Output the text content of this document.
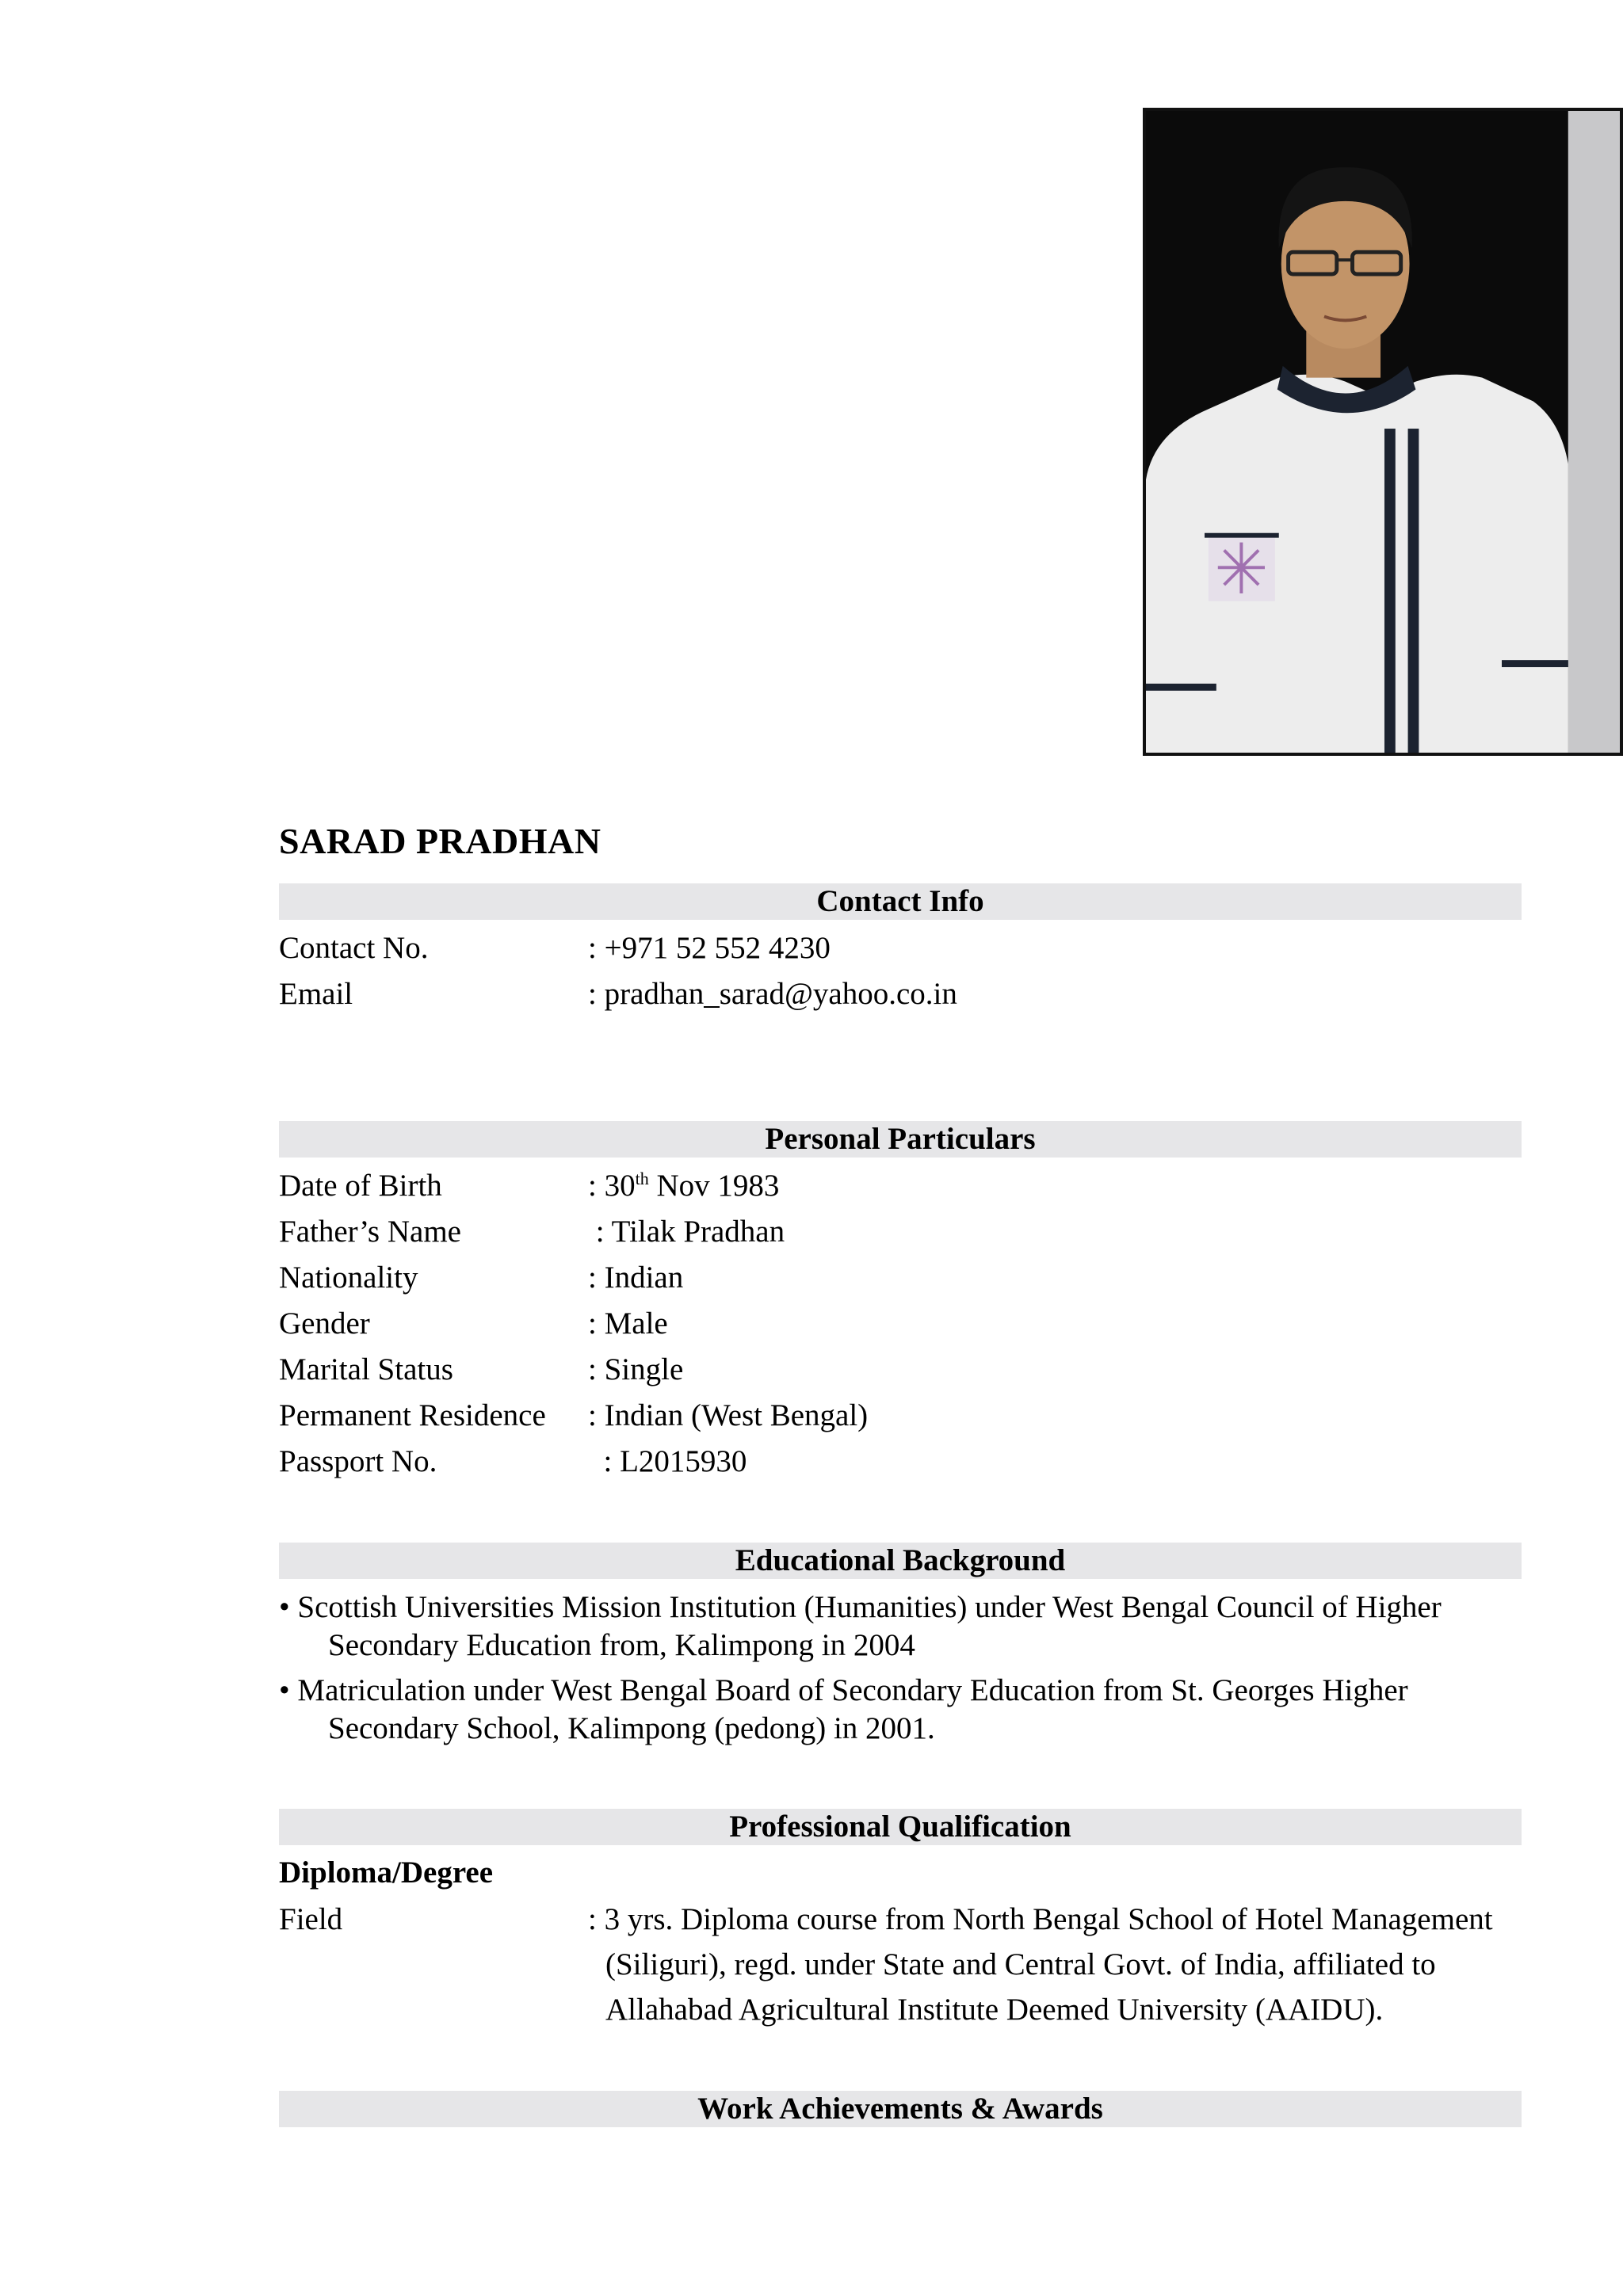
SARAD PRADHAN
Contact Info
Contact No.	: +971 52 552 4230
Email	: pradhan_sarad@yahoo.co.in
Personal Particulars
Date of Birth	: 30th Nov 1983
Father’s Name	: Tilak Pradhan
Nationality	: Indian
Gender	: Male
Marital Status	: Single
Permanent Residence : Indian (West Bengal)
Passport No.	: L2015930
Educational Background
• Scottish Universities Mission Institution (Humanities) under West Bengal Council of Higher
Secondary Education from, Kalimpong in 2004
• Matriculation under West Bengal Board of Secondary Education from St. Georges Higher
Secondary School, Kalimpong (pedong) in 2001.
Professional Qualification
Diploma/Degree
Field	: 3 yrs. Diploma course from North Bengal School of Hotel Management
(Siliguri), regd. under State and Central Govt. of India, affiliated to
Allahabad Agricultural Institute Deemed University (AAIDU).
Work Achievements & Awards
